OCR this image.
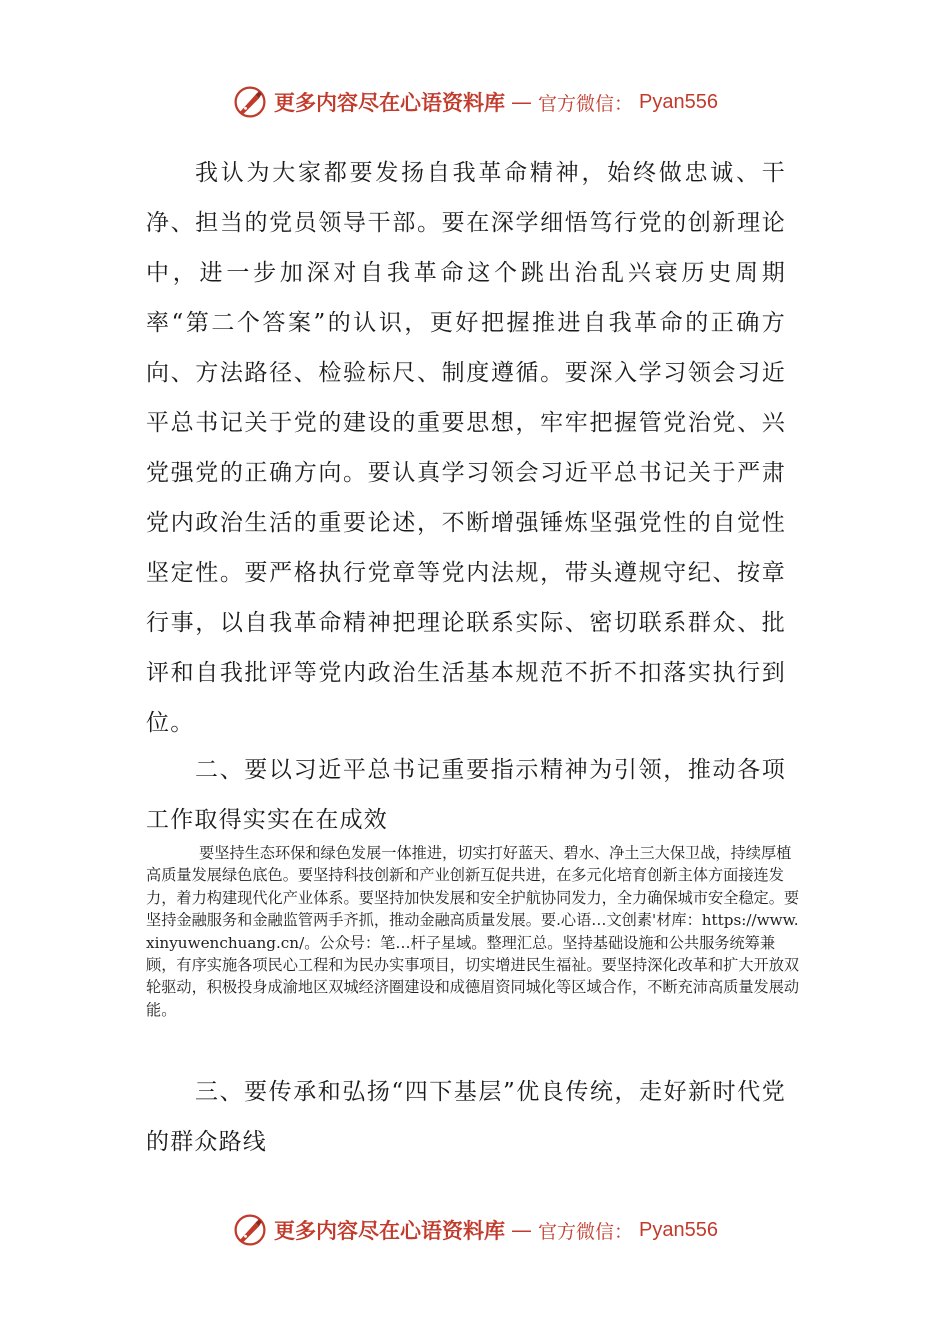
更多内容尽在心语资料库 — 官方微信： Pyan556

我认为大家都要发扬自我革命精神，始终做忠诚、干净、担当的党员领导干部。要在深学细悟笃行党的创新理论中，进一步加深对自我革命这个跳出治乱兴衰历史周期率“第二个答案”的认识，更好把握推进自我革命的正确方向、方法路径、检验标尺、制度遵循。要深入学习领会习近平总书记关于党的建设的重要思想，牢牢把握管党治党、兴党强党的正确方向。要认真学习领会习近平总书记关于严肃党内政治生活的重要论述，不断增强锤炼坚强党性的自觉性坚定性。要严格执行党章等党内法规，带头遵规守纪、按章行事，以自我革命精神把理论联系实际、密切联系群众、批评和自我批评等党内政治生活基本规范不折不扣落实执行到位。

二、要以习近平总书记重要指示精神为引领，推动各项工作取得实实在在成效

要坚持生态环保和绿色发展一体推进，切实打好蓝天、碧水、净土三大保卫战，持续厚植高质量发展绿色底色。要坚持科技创新和产业创新互促共进，在多元化培育创新主体方面接连发力，着力构建现代化产业体系。要坚持加快发展和安全护航协同发力，全力确保城市安全稳定。要坚持金融服务和金融监管两手齐抓，推动金融高质量发展。要.心语…文创素'材库：https://www.xinyuwenchuang.cn/。公众号：笔…杆子星域。整理汇总。坚持基础设施和公共服务统筹兼顾，有序实施各项民心工程和为民办实事项目，切实增进民生福祉。要坚持深化改革和扩大开放双轮驱动，积极投身成渝地区双城经济圈建设和成德眉资同城化等区域合作，不断充沛高质量发展动能。

三、要传承和弘扬“四下基层”优良传统，走好新时代党的群众路线

更多内容尽在心语资料库 — 官方微信： Pyan556
